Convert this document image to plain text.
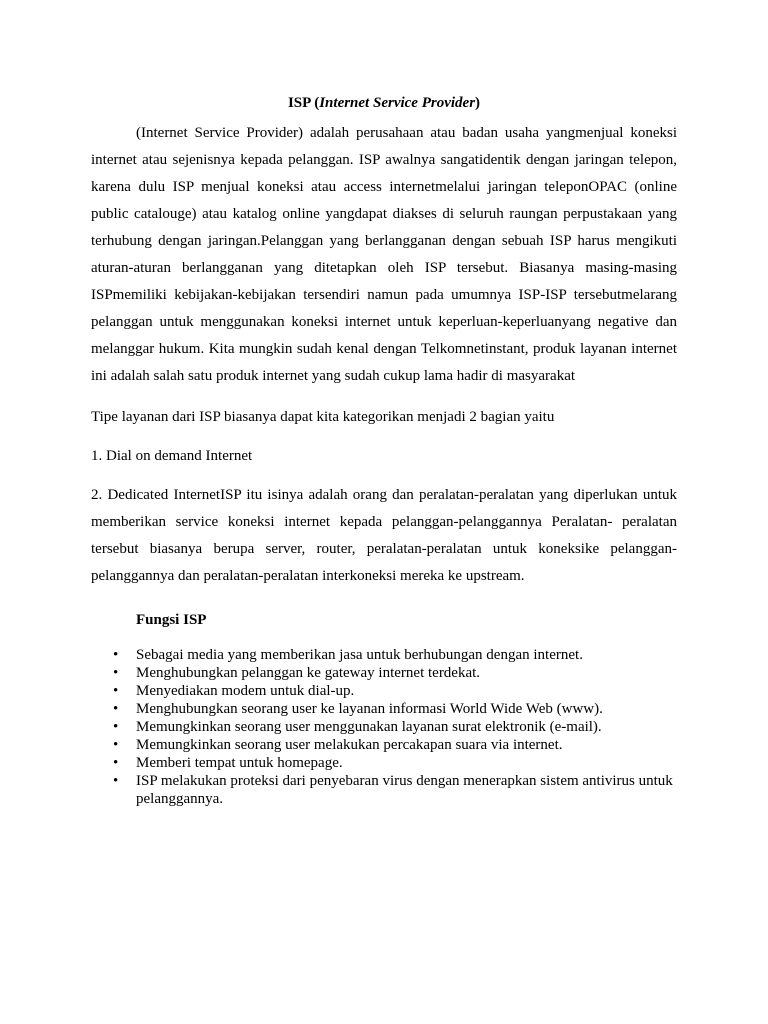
ISP (Internet Service Provider)

(Internet Service Provider) adalah perusahaan atau badan usaha yangmenjual koneksi internet atau sejenisnya kepada pelanggan. ISP awalnya sangatidentik dengan jaringan telepon, karena dulu ISP menjual koneksi atau access internetmelalui jaringan teleponOPAC (online public catalouge) atau katalog online yangdapat diakses di seluruh raungan perpustakaan yang terhubung dengan jaringan.Pelanggan yang berlangganan dengan sebuah ISP harus mengikuti aturan-aturan berlangganan yang ditetapkan oleh ISP tersebut. Biasanya masing-masing ISPmemiliki kebijakan-kebijakan tersendiri namun pada umumnya ISP-ISP tersebutmelarang pelanggan untuk menggunakan koneksi internet untuk keperluan-keperluanyang negative dan melanggar hukum. Kita mungkin sudah kenal dengan Telkomnetinstant, produk layanan internet ini adalah salah satu produk internet yang sudah cukup lama hadir di masyarakat

Tipe layanan dari ISP biasanya dapat kita kategorikan menjadi 2 bagian yaitu

1. Dial on demand Internet

2. Dedicated InternetISP itu isinya adalah orang dan peralatan-peralatan yang diperlukan untuk memberikan service koneksi internet kepada pelanggan-pelanggannya Peralatan- peralatan tersebut biasanya berupa server, router, peralatan-peralatan untuk koneksike pelanggan-pelanggannya dan peralatan-peralatan interkoneksi mereka ke upstream.

Fungsi ISP

• Sebagai media yang memberikan jasa untuk berhubungan dengan internet.
• Menghubungkan pelanggan ke gateway internet terdekat.
• Menyediakan modem untuk dial-up.
• Menghubungkan seorang user ke layanan informasi World Wide Web (www).
• Memungkinkan seorang user menggunakan layanan surat elektronik (e-mail).
• Memungkinkan seorang user melakukan percakapan suara via internet.
• Memberi tempat untuk homepage.
• ISP melakukan proteksi dari penyebaran virus dengan menerapkan sistem antivirus untuk pelanggannya.
